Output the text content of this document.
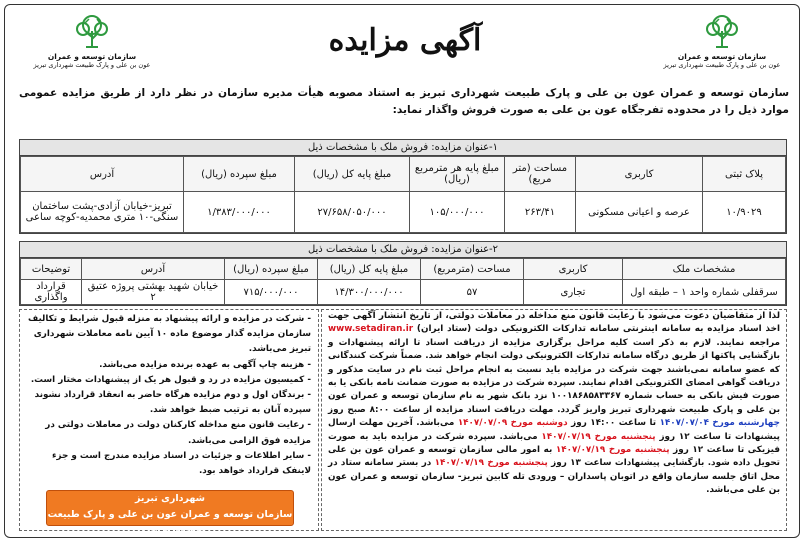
سازمان توسعه و عمران
عون بن علی و پارک طبیعت شهرداری تبریز
سازمان توسعه و عمران
عون بن علی و پارک طبیعت شهرداری تبریز
آگهی مزایده
سازمان توسعه و عمران عون بن علی و پارک طبیعت شهرداری تبریز به استناد مصوبه هیأت مدیره سازمان در نظر دارد از طریق مزایده عمومی موارد ذیل را در محدوده تفرجگاه عون بن علی به صورت فروش واگذار نماید:
۱-عنوان مزایده: فروش ملک با مشخصات ذیل
پلاک ثبتی	کاربری	مساحت (متر مربع)	مبلغ پایه هر مترمربع (ریال)	مبلغ پایه کل (ریال)	مبلغ سپرده (ریال)	آدرس
۱۰/۹۰۲۹	عرصه و اعیانی مسکونی	۲۶۳/۴۱	۱۰۵/۰۰۰/۰۰۰	۲۷/۶۵۸/۰۵۰/۰۰۰	۱/۳۸۳/۰۰۰/۰۰۰	تبریز-خیابان آزادی-پشت ساختمان سنگی-۱۰ متری محمدیه-کوچه ساعی
۲-عنوان مزایده: فروش ملک با مشخصات ذیل
مشخصات ملک	کاربری	مساحت (مترمربع)	مبلغ پایه کل (ریال)	مبلغ سپرده (ریال)	آدرس	توضیحات
سرقفلی شماره واحد ۱ – طبقه اول	تجاری	۵۷	۱۴/۳۰۰/۰۰۰/۰۰۰	۷۱۵/۰۰۰/۰۰۰	خیابان شهید بهشتی پروژه عتیق ۲	قرارداد واگذاری
لذا از متقاضیان دعوت می‌شود با رعایت قانون منع مداخله در معاملات دولتی، از تاریخ انتشار آگهی جهت اخذ اسناد مزایده به سامانه اینترنتی سامانه تدارکات الکترونیکی دولت (ستاد ایران) www.setadiran.ir مراجعه نمایند. لازم به ذکر است کلیه مراحل برگزاری مزایده از دریافت اسناد تا ارائه پیشنهادات و بازگشایی پاکتها از طریق درگاه سامانه تدارکات الکترونیکی دولت انجام خواهد شد. ضمناً شرکت کنندگانی که عضو سامانه نمی‌باشند جهت شرکت در مزایده باید نسبت به انجام مراحل ثبت نام در سایت مذکور و دریافت گواهی امضای الکترونیکی اقدام نمایند. سپرده شرکت در مزایده به صورت ضمانت نامه بانکی یا به صورت فیش بانکی به حساب شماره ۱۰۰۱۸۶۸۵۸۳۳۶۷ نزد بانک شهر به نام سازمان توسعه و عمران عون بن علی و پارک طبیعت شهرداری تبریز واریز گردد. مهلت دریافت اسناد مزایده از ساعت ۸:۰۰ صبح روز چهارشنبه مورخ ۱۴۰۷/۰۷/۰۴ تا ساعت ۱۴:۰۰ روز دوشنبه مورخ ۱۴۰۷/۰۷/۰۹ می‌باشد. آخرین مهلت ارسال پیشنهادات تا ساعت ۱۲ روز پنجشنبه مورخ ۱۴۰۷/۰۷/۱۹ می‌باشد. سپرده شرکت در مزایده باید به صورت فیزیکی تا ساعت ۱۲ روز پنجشنبه مورخ ۱۴۰۷/۰۷/۱۹ به امور مالی سازمان توسعه و عمران عون بن علی تحویل داده شود. بازگشایی پیشنهادات ساعت ۱۳ روز پنجشنبه مورخ ۱۴۰۷/۰۷/۱۹ در بستر سامانه ستاد در محل اتاق جلسه سازمان واقع در اتوبان پاسداران – ورودی تله کابین تبریز- سازمان توسعه و عمران عون بن علی می‌باشد.

- شرکت در مزایده و ارائه پیشنهاد به منزله قبول شرایط و تکالیف سازمان مزایده گذار موضوع ماده ۱۰ آیین نامه معاملات شهرداری تبریز می‌باشد.

- هزینه چاپ آگهی به عهده برنده مزایده می‌باشد.

- کمیسیون مزایده در رد و قبول هر یک از پیشنهادات مختار است.

- برندگان اول و دوم مزایده هرگاه حاضر به انعقاد قرارداد نشوند سپرده آنان به ترتیب ضبط خواهد شد.

- رعایت قانون منع مداخله کارکنان دولت در معاملات دولتی در مزایده فوق الزامی می‌باشد.

- سایر اطلاعات و جزئیات در اسناد مزایده مندرج است و جزء لاینفک قرارداد خواهد بود.

شهرداری تبریز
سازمان توسعه و عمران عون بن علی و پارک طبیعت شهرداری تبریز
